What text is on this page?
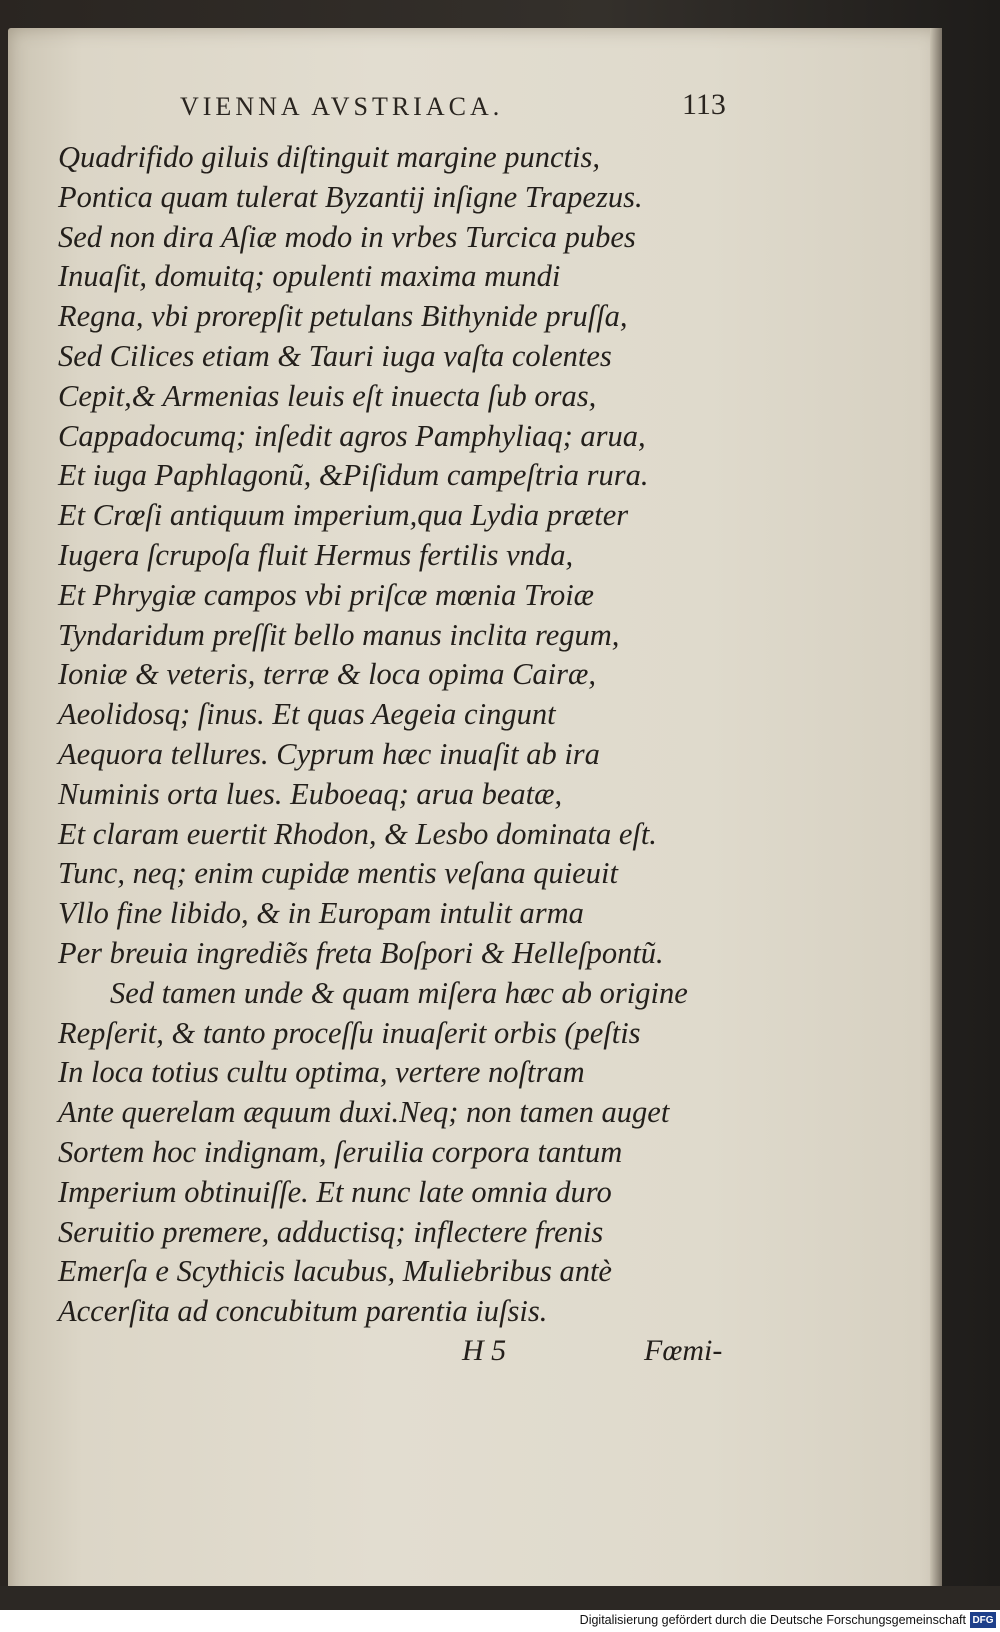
VIENNA AVSTRIACA.	113
Quadrifido giluis diſtinguit margine punctis,
Pontica quam tulerat Byzantij inſigne Trapezus.
Sed non dira Aſiæ modo in vrbes Turcica pubes
Inuaſit, domuitq; opulenti maxima mundi
Regna, vbi prorepſit petulans Bithynide pruſſa,
Sed Cilices etiam & Tauri iuga vaſta colentes
Cepit,& Armenias leuis eſt inuecta ſub oras,
Cappadocumq; inſedit agros Pamphyliaq; arua,
Et iuga Paphlagonũ, &Piſidum campeſtria rura.
Et Crœſi antiquum imperium,qua Lydia præter
Iugera ſcrupoſa fluit Hermus fertilis vnda,
Et Phrygiæ campos vbi priſcæ mœnia Troiæ
Tyndaridum preſſit bello manus inclita regum,
Ioniæ & veteris, terræ & loca opima Cairæ,
Aeolidosq; ſinus. Et quas Aegeia cingunt
Aequora tellures. Cyprum hæc inuaſit ab ira
Numinis orta lues. Euboeaq; arua beatæ,
Et claram euertit Rhodon, & Lesbo dominata eſt.
Tunc, neq; enim cupidæ mentis veſana quieuit
Vllo fine libido, & in Europam intulit arma
Per breuia ingrediẽs freta Boſpori & Helleſpontũ.
Sed tamen unde & quam miſera hæc ab origine
Repſerit, & tanto proceſſu inuaſerit orbis (peſtis
In loca totius cultu optima, vertere noſtram
Ante querelam æquum duxi.Neq; non tamen auget
Sortem hoc indignam, ſeruilia corpora tantum
Imperium obtinuiſſe. Et nunc late omnia duro
Seruitio premere, adductisq; inflectere frenis
Emerſa e Scythicis lacubus, Muliebribus antè
Accerſita ad concubitum parentia iuſsis.
H 5	Fœmi-
Digitalisierung gefördert durch die Deutsche Forschungsgemeinschaft DFG
